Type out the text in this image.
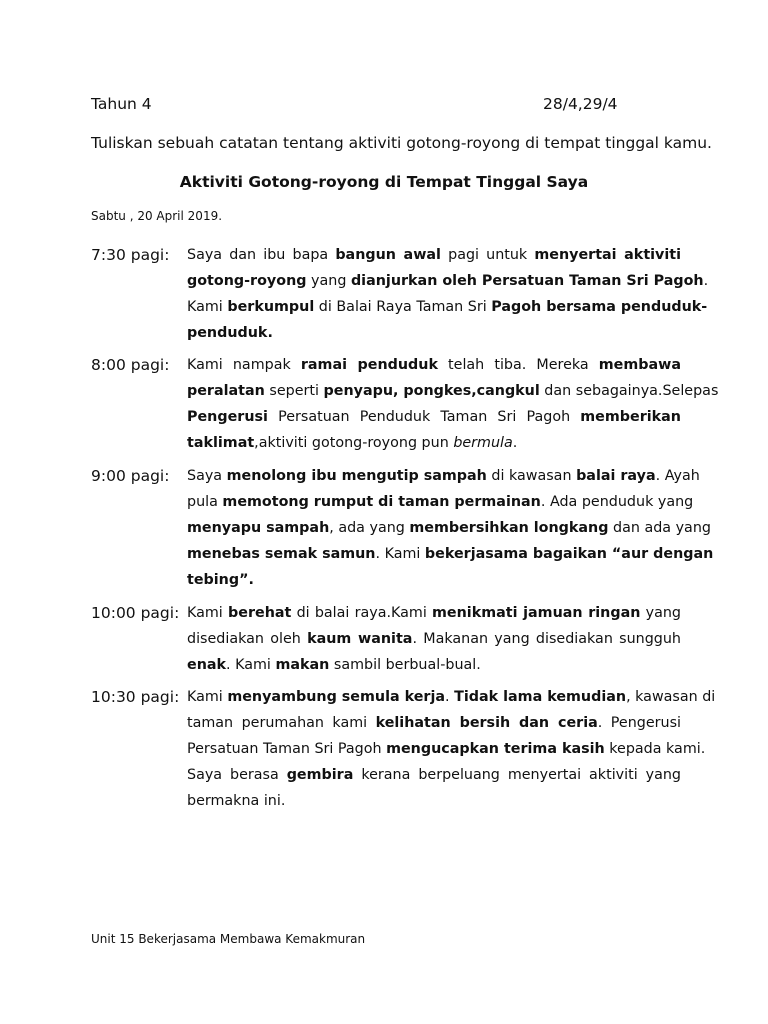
Tahun 4	28/4,29/4
Tuliskan sebuah catatan tentang aktiviti gotong-royong di tempat tinggal kamu.
Aktiviti Gotong-royong di Tempat Tinggal Saya
Sabtu , 20 April 2019.
7:30 pagi: Saya dan ibu bapa bangun awal pagi untuk menyertai aktiviti
gotong-royong yang dianjurkan oleh Persatuan Taman Sri Pagoh.
Kami berkumpul di Balai Raya Taman Sri Pagoh bersama penduduk-
penduduk.
8:00 pagi: Kami nampak ramai penduduk telah tiba. Mereka membawa
peralatan seperti penyapu, pongkes,cangkul dan sebagainya.Selepas
Pengerusi Persatuan Penduduk Taman Sri Pagoh memberikan
taklimat,aktiviti gotong-royong pun bermula.
9:00 pagi: Saya menolong ibu mengutip sampah di kawasan balai raya. Ayah
pula memotong rumput di taman permainan. Ada penduduk yang
menyapu sampah, ada yang membersihkan longkang dan ada yang
menebas semak samun. Kami bekerjasama bagaikan “aur dengan
tebing”.
10:00 pagi: Kami berehat di balai raya.Kami menikmati jamuan ringan yang
disediakan oleh kaum wanita. Makanan yang disediakan sungguh
enak. Kami makan sambil berbual-bual.
10:30 pagi: Kami menyambung semula kerja. Tidak lama kemudian, kawasan di
taman perumahan kami kelihatan bersih dan ceria. Pengerusi
Persatuan Taman Sri Pagoh mengucapkan terima kasih kepada kami.
Saya berasa gembira kerana berpeluang menyertai aktiviti yang
bermakna ini.
Unit 15 Bekerjasama Membawa Kemakmuran
